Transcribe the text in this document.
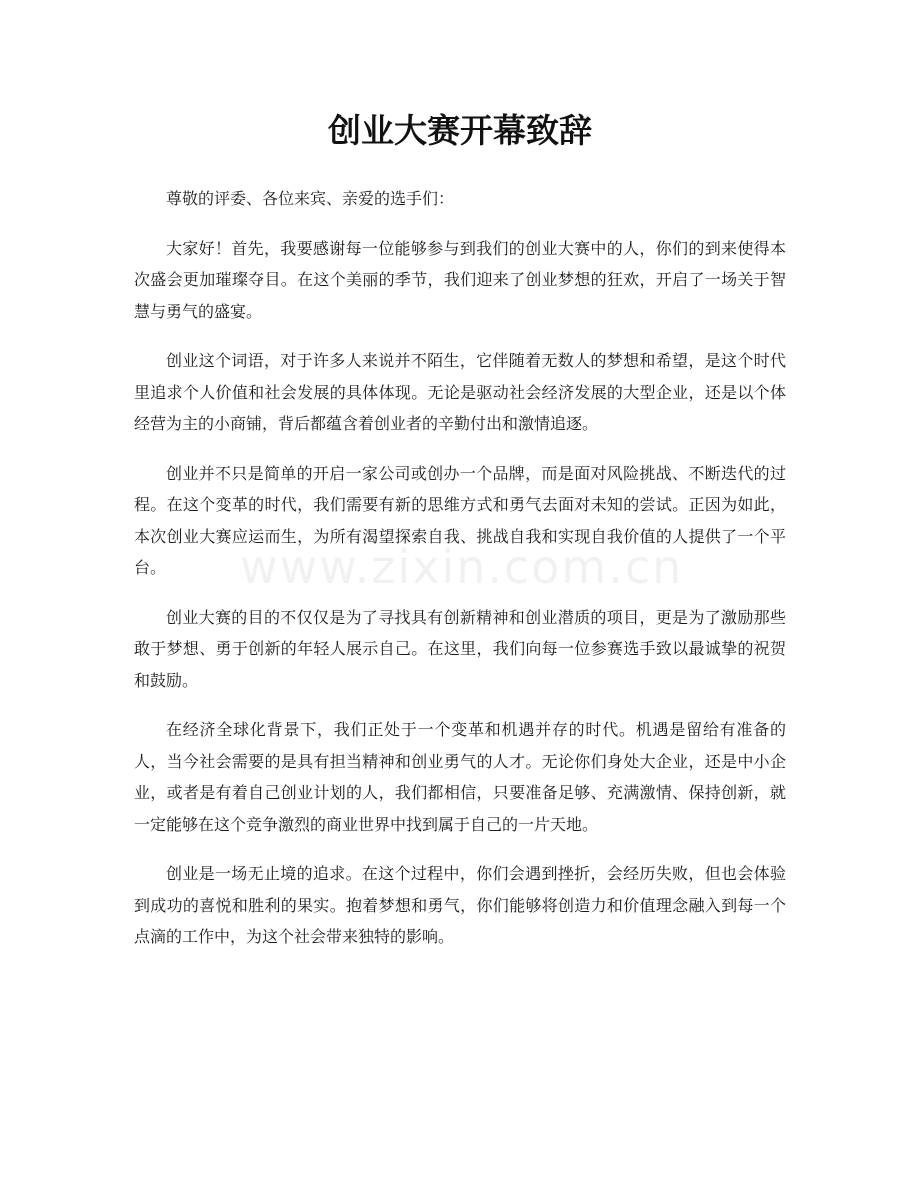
www.zixin.com.cn
创业大赛开幕致辞

尊敬的评委、各位来宾、亲爱的选手们：

大家好！首先，我要感谢每一位能够参与到我们的创业大赛中的人，你们的到来使得本次盛会更加璀璨夺目。在这个美丽的季节，我们迎来了创业梦想的狂欢，开启了一场关于智慧与勇气的盛宴。

创业这个词语，对于许多人来说并不陌生，它伴随着无数人的梦想和希望，是这个时代里追求个人价值和社会发展的具体体现。无论是驱动社会经济发展的大型企业，还是以个体经营为主的小商铺，背后都蕴含着创业者的辛勤付出和激情追逐。

创业并不只是简单的开启一家公司或创办一个品牌，而是面对风险挑战、不断迭代的过程。在这个变革的时代，我们需要有新的思维方式和勇气去面对未知的尝试。正因为如此，本次创业大赛应运而生，为所有渴望探索自我、挑战自我和实现自我价值的人提供了一个平台。

创业大赛的目的不仅仅是为了寻找具有创新精神和创业潜质的项目，更是为了激励那些敢于梦想、勇于创新的年轻人展示自己。在这里，我们向每一位参赛选手致以最诚挚的祝贺和鼓励。

在经济全球化背景下，我们正处于一个变革和机遇并存的时代。机遇是留给有准备的人，当今社会需要的是具有担当精神和创业勇气的人才。无论你们身处大企业，还是中小企业，或者是有着自己创业计划的人，我们都相信，只要准备足够、充满激情、保持创新，就一定能够在这个竞争激烈的商业世界中找到属于自己的一片天地。

创业是一场无止境的追求。在这个过程中，你们会遇到挫折，会经历失败，但也会体验到成功的喜悦和胜利的果实。抱着梦想和勇气，你们能够将创造力和价值理念融入到每一个点滴的工作中，为这个社会带来独特的影响。
